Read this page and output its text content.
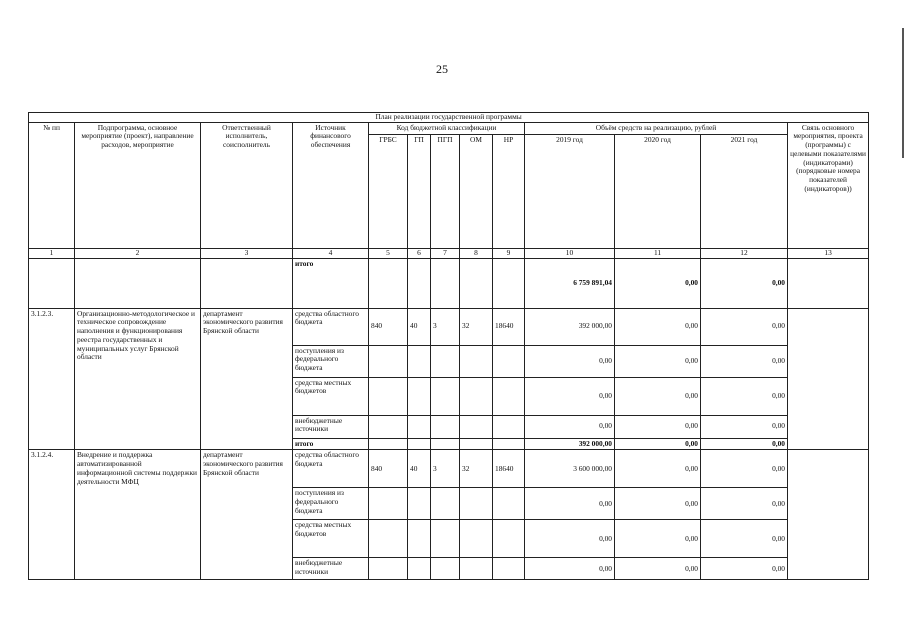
25
План реализации государственной программы												
№ пп	Подпрограмма, основное мероприятие (проект), направление расходов, мероприятие	Ответственный исполнитель, соисполнитель	Источник финансового обеспечения	Код бюджетной классификации					Объём средств на реализацию, рублей			Связь основного мероприятия, проекта (программы) с целевыми показателями (индикаторами) (порядковые номера показателей (индикаторов))
				ГРБС	ГП	ПГП	ОМ	НР	2019 год	2020 год	2021 год	
1	2	3	4	5	6	7	8	9	10	11	12	13
			итого						6 759 891,04	0,00	0,00	
3.1.2.3.	Организационно-методологическое и техническое сопровождение наполнения и функционирования реестра государственных и муниципальных услуг Брянской области	департамент экономического развития Брянской области	средства областного бюджета	840	40	3	32	18640	392 000,00	0,00	0,00	
			поступления из федерального бюджета						0,00	0,00	0,00	
			средства местных бюджетов						0,00	0,00	0,00	
			внебюджетные источники						0,00	0,00	0,00	
			итого						392 000,00	0,00	0,00	
3.1.2.4.	Внедрение и поддержка автоматизированной информационной системы поддержки деятельности МФЦ	департамент экономического развития Брянской области	средства областного бюджета	840	40	3	32	18640	3 600 000,00	0,00	0,00	
			поступления из федерального бюджета						0,00	0,00	0,00	
			средства местных бюджетов						0,00	0,00	0,00	
			внебюджетные источники						0,00	0,00	0,00	
